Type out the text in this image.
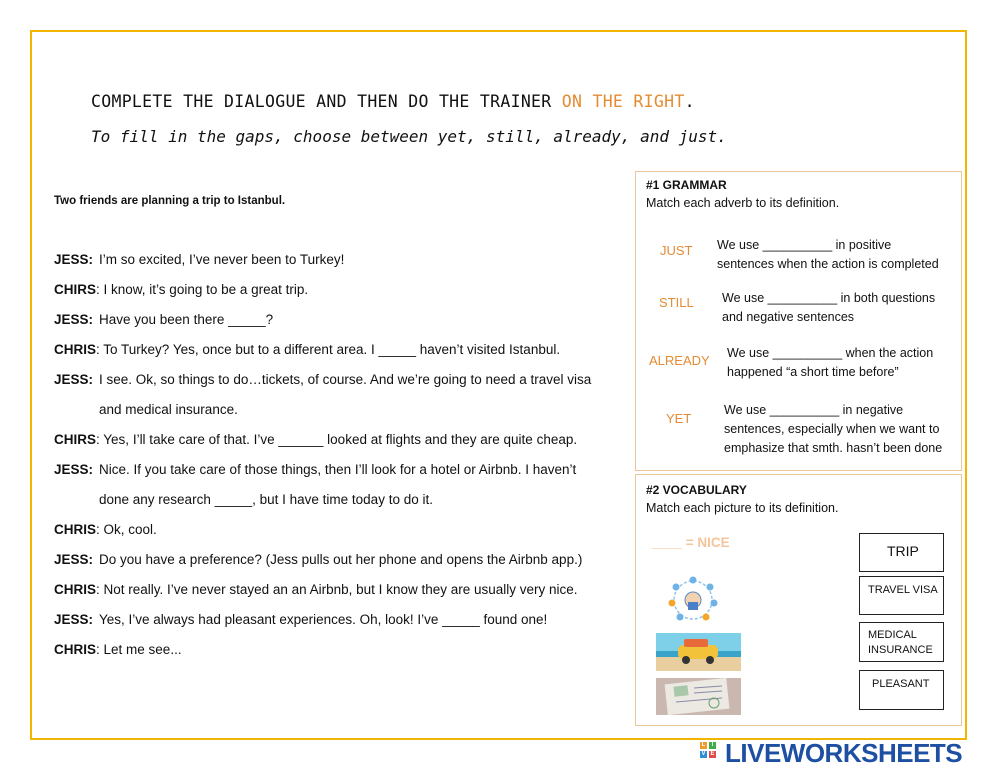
COMPLETE THE DIALOGUE AND THEN DO THE TRAINER ON THE RIGHT.
To fill in the gaps, choose between yet, still, already, and just.
Two friends are planning a trip to Istanbul.
JESS: I’m so excited, I’ve never been to Turkey!
CHIRS: I know, it’s going to be a great trip.
JESS: Have you been there _____?
CHRIS: To Turkey? Yes, once but to a different area. I _____ haven’t visited Istanbul.
JESS: I see. Ok, so things to do…tickets, of course. And we’re going to need a travel visa
and medical insurance.
CHIRS: Yes, I’ll take care of that. I’ve ______ looked at flights and they are quite cheap.
JESS: Nice. If you take care of those things, then I’ll look for a hotel or Airbnb. I haven’t
done any research _____, but I have time today to do it.
CHRIS: Ok, cool.
JESS: Do you have a preference? (Jess pulls out her phone and opens the Airbnb app.)
CHRIS: Not really. I’ve never stayed an an Airbnb, but I know they are usually very nice.
JESS: Yes, I’ve always had pleasant experiences. Oh, look! I’ve _____ found one!
CHRIS: Let me see...
#1 GRAMMAR
Match each adverb to its definition.
JUST
STILL
ALREADY
YET
We use __________ in positive
sentences when the action is completed
We use __________ in both questions
and negative sentences
We use __________ when the action
happened “a short time before”
We use __________ in negative
sentences, especially when we want to
emphasize that smth. hasn’t been done
#2 VOCABULARY
Match each picture to its definition.
____ = NICE
TRIP
TRAVEL VISA
MEDICAL
INSURANCE
PLEASANT
L	I
V E LIVEWORKSHEETS
